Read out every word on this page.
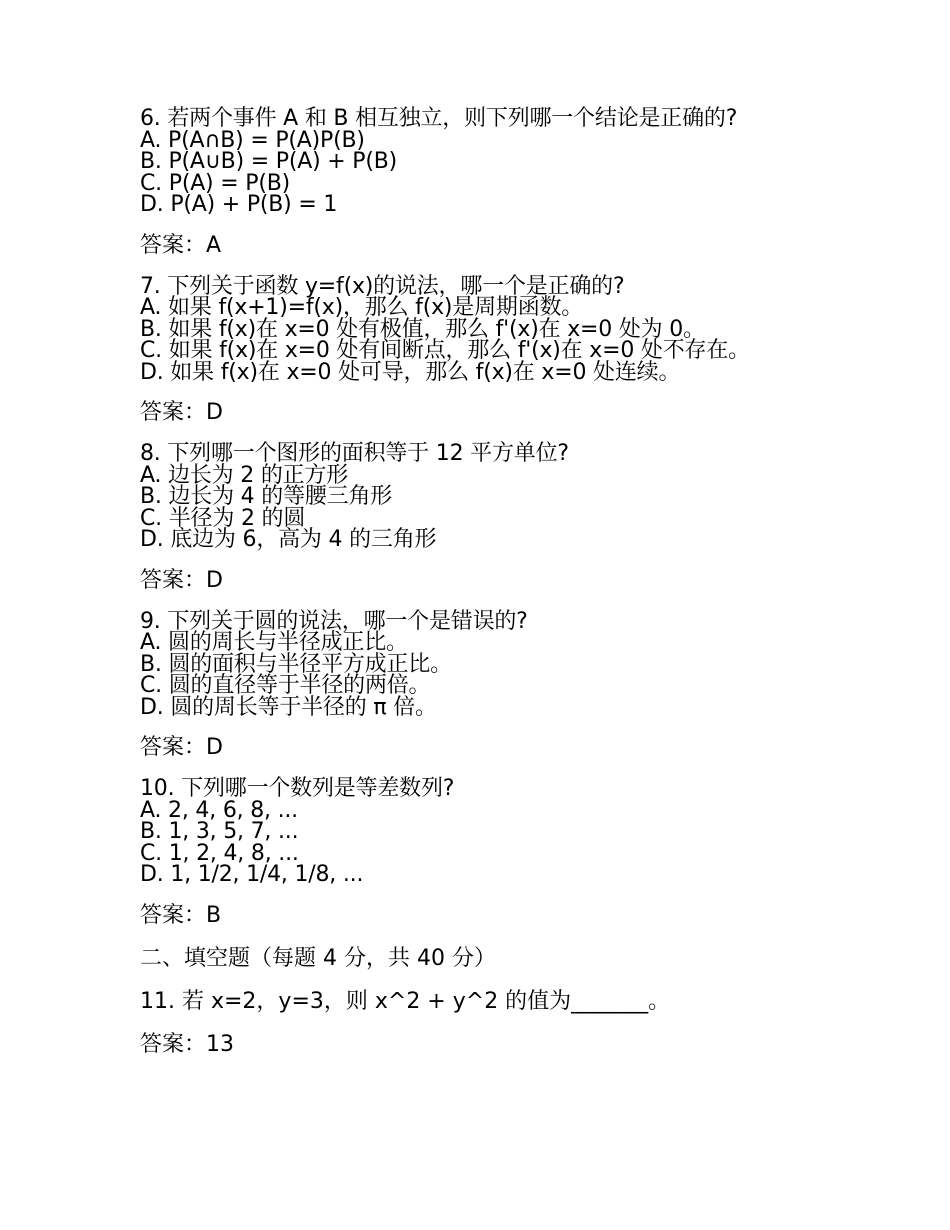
6. 若两个事件 A 和 B 相互独立，则下列哪一个结论是正确的?
A. P(A∩B) = P(A)P(B)
B. P(A∪B) = P(A) + P(B)
C. P(A) = P(B)
D. P(A) + P(B) = 1
答案：A
7. 下列关于函数 y=f(x)的说法，哪一个是正确的?
A. 如果 f(x+1)=f(x)，那么 f(x)是周期函数。
B. 如果 f(x)在 x=0 处有极值，那么 f'(x)在 x=0 处为 0。
C. 如果 f(x)在 x=0 处有间断点，那么 f'(x)在 x=0 处不存在。
D. 如果 f(x)在 x=0 处可导，那么 f(x)在 x=0 处连续。
答案：D
8. 下列哪一个图形的面积等于 12 平方单位?
A. 边长为 2 的正方形
B. 边长为 4 的等腰三角形
C. 半径为 2 的圆
D. 底边为 6，高为 4 的三角形
答案：D
9. 下列关于圆的说法，哪一个是错误的?
A. 圆的周长与半径成正比。
B. 圆的面积与半径平方成正比。
C. 圆的直径等于半径的两倍。
D. 圆的周长等于半径的 π 倍。
答案：D
10. 下列哪一个数列是等差数列?
A. 2, 4, 6, 8, ...
B. 1, 3, 5, 7, ...
C. 1, 2, 4, 8, ...
D. 1, 1/2, 1/4, 1/8, ...
答案：B
二、填空题（每题 4 分，共 40 分）
11. 若 x=2，y=3，则 x^2 + y^2 的值为_______。
答案：13
